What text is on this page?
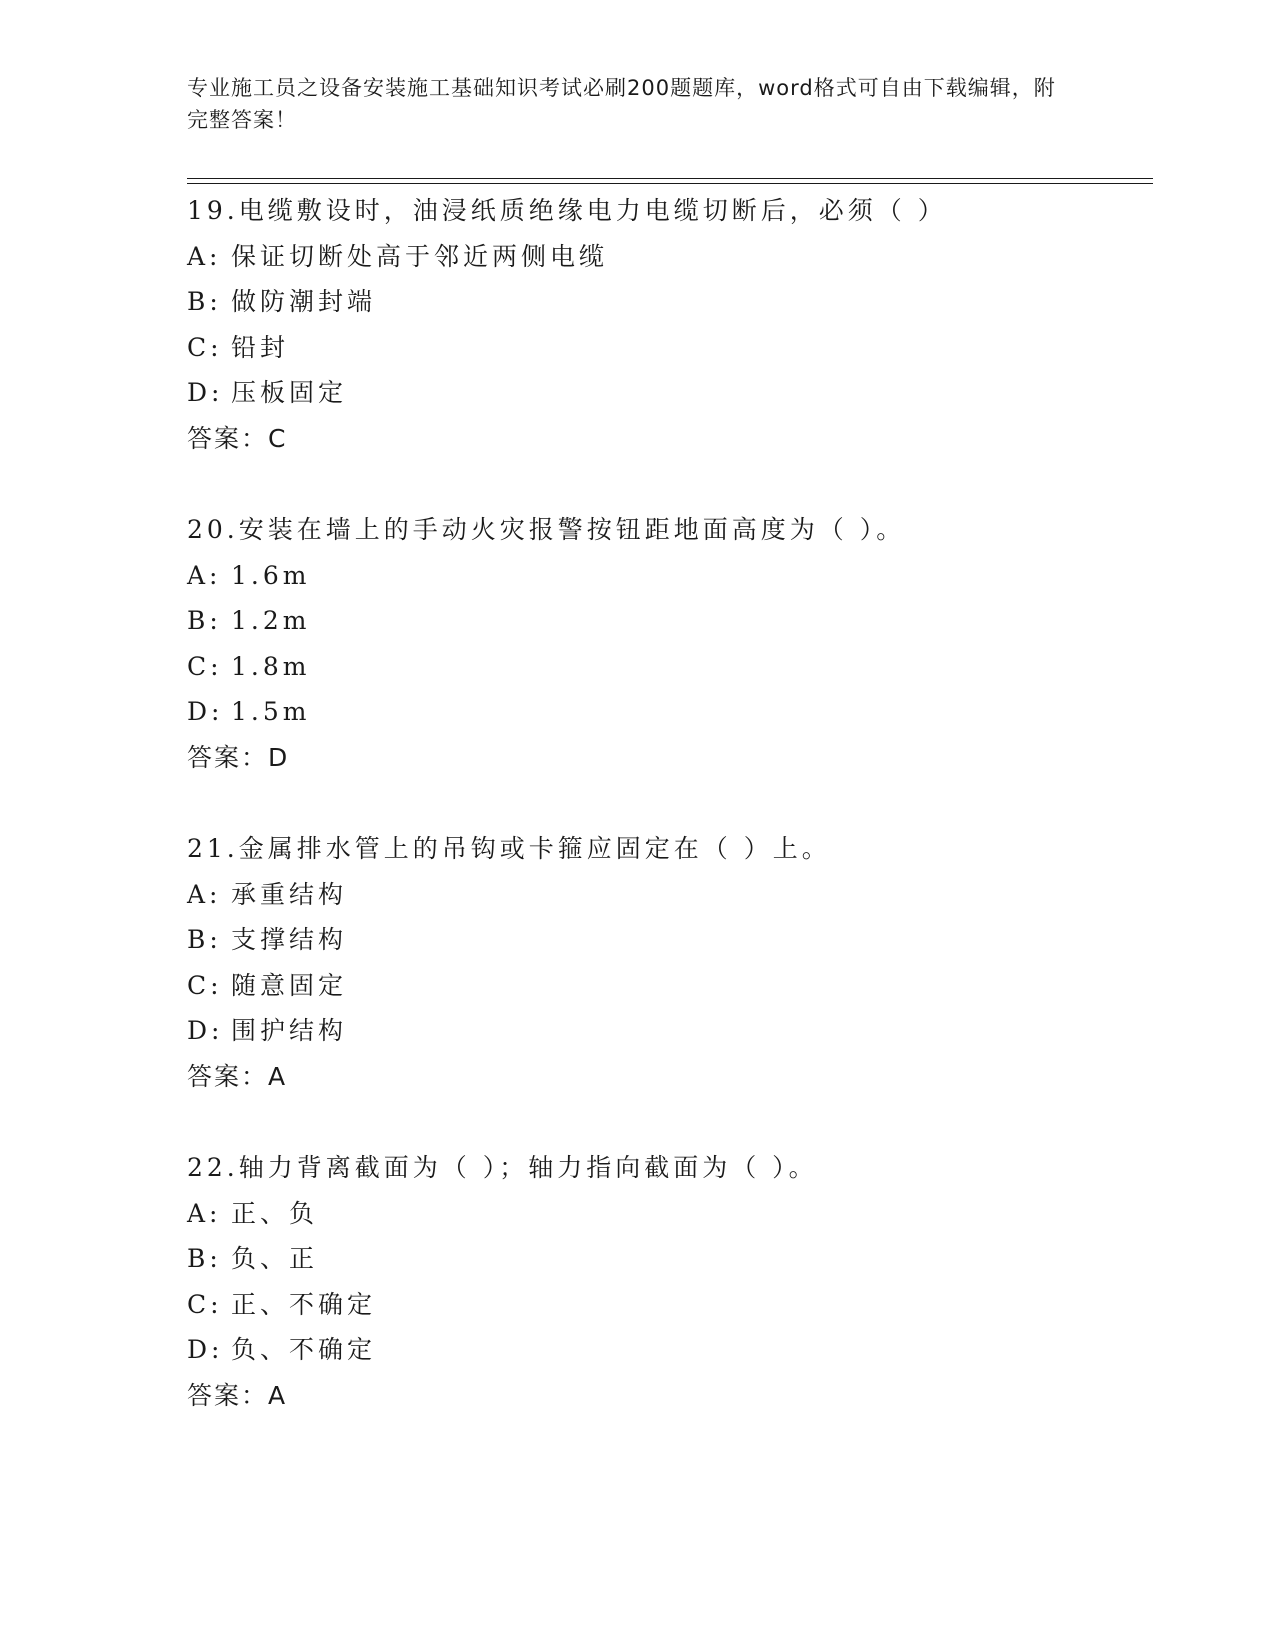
专业施工员之设备安装施工基础知识考试必刷200题题库，word格式可自由下载编辑，附完整答案！
19.电缆敷设时，油浸纸质绝缘电力电缆切断后，必须（ ）
A: 保证切断处高于邻近两侧电缆
B: 做防潮封端
C: 铅封
D: 压板固定
答案：C
20.安装在墙上的手动火灾报警按钮距地面高度为（ ）。
A: 1.6m
B: 1.2m
C: 1.8m
D: 1.5m
答案：D
21.金属排水管上的吊钩或卡箍应固定在（ ）上。
A: 承重结构
B: 支撑结构
C: 随意固定
D: 围护结构
答案：A
22.轴力背离截面为（ ）；轴力指向截面为（ ）。
A: 正、负
B: 负、正
C: 正、不确定
D: 负、不确定
答案：A
